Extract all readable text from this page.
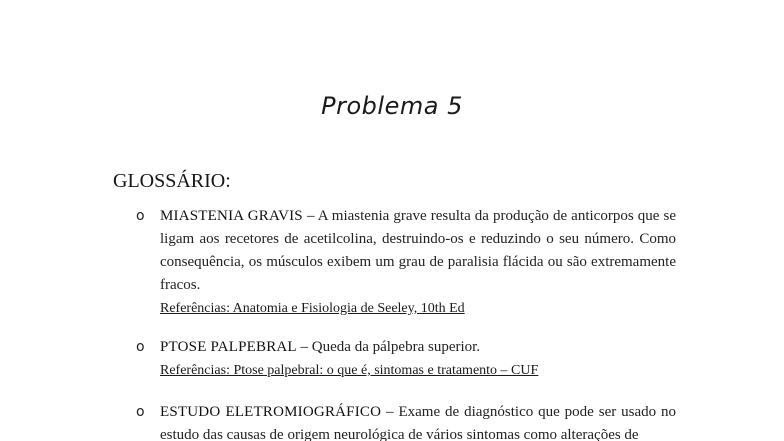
Problema 5
GLOSSÁRIO:
o MIASTENIA GRAVIS – A miastenia grave resulta da produção de anticorpos que se ligam aos recetores de acetilcolina, destruindo-os e reduzindo o seu número. Como consequência, os músculos exibem um grau de paralisia flácida ou são extremamente fracos.
Referências: Anatomia e Fisiologia de Seeley, 10th Ed
o PTOSE PALPEBRAL – Queda da pálpebra superior.
Referências: Ptose palpebral: o que é, sintomas e tratamento – CUF
o ESTUDO ELETROMIOGRÁFICO – Exame de diagnóstico que pode ser usado no estudo das causas de origem neurológica de vários sintomas como alterações de
